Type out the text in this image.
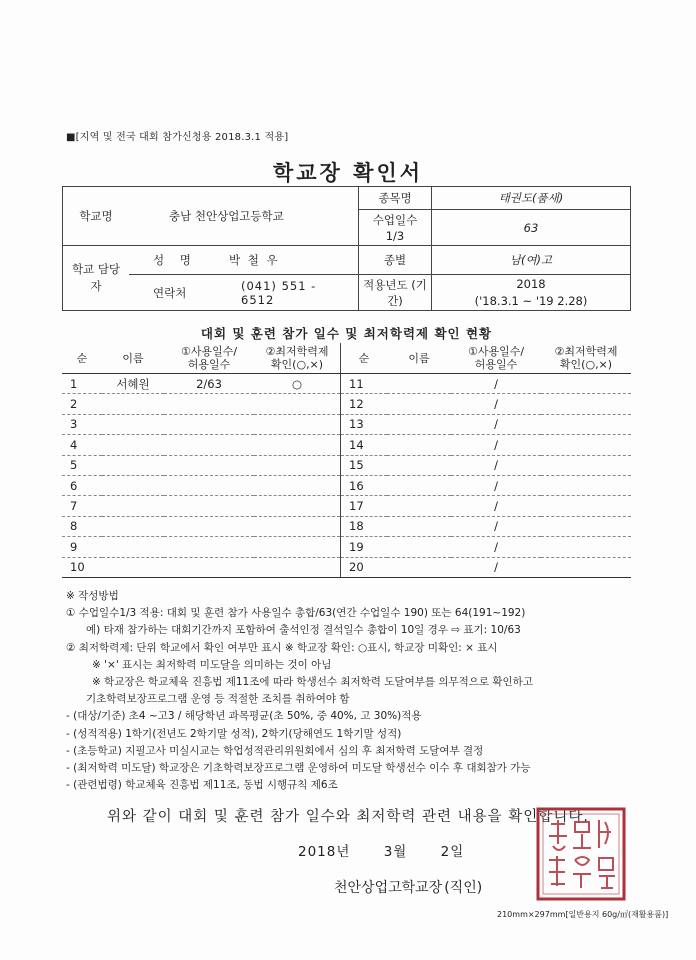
■[지역 및 전국 대회 참가신청용 2018.3.1 적용]
학교장 확인서
학교명	충남 천안상업고등학교		종목명	태권도(품새)
			수업일수 1/3	63
학교 담당자	성 명	박 철 우	종별	남(여)고
	연락처	(041) 551 - 6512	적용년도 (기간)	2018
('18.3.1 ~ '19 2.28)
대회 및 훈련 참가 일수 및 최저학력제 확인 현황
순	이름	①사용일수/
허용일수	②최저학력제
확인(○,×)	순	이름	①사용일수/
허용일수	②최저학력제
확인(○,×)
1	서혜원	2/63	○	11		/	
2				12		/	
3				13		/	
4				14		/	
5				15		/	
6				16		/	
7				17		/	
8				18		/	
9				19		/	
10				20		/	
※ 작성방법
① 수업일수1/3 적용: 대회 및 훈련 참가 사용일수 총합/63(연간 수업일수 190) 또는 64(191~192)
예) 타재 참가하는 대회기간까지 포함하여 출석인정 결석일수 총합이 10일 경우 ⇨ 표기: 10/63
② 최저학력제: 단위 학교에서 확인 여부만 표시 ※ 학교장 확인: ○표시, 학교장 미확인: × 표시
※ '×' 표시는 최저학력 미도달을 의미하는 것이 아님
※ 학교장은 학교체육 진흥법 제11조에 따라 학생선수 최저학력 도달여부를 의무적으로 확인하고
기초학력보장프로그램 운영 등 적절한 조치를 취하여야 함
- (대상/기준) 초4 ~고3 / 해당학년 과목평균(초 50%, 중 40%, 고 30%)적용
- (성적적용) 1학기(전년도 2학기말 성적), 2학기(당해연도 1학기말 성적)
- (초등학교) 지필고사 미실시교는 학업성적관리위원회에서 심의 후 최저학력 도달여부 결정
- (최저학력 미도달) 학교장은 기초학력보장프로그램 운영하여 미도달 학생선수 이수 후 대회참가 가능
- (관련법령) 학교체육 진흥법 제11조, 동법 시행규칙 제6조
위와 같이 대회 및 훈련 참가 일수와 최저학력 관련 내용을 확인합니다.
2018년 3월 2일
천안상업고학교장 (직인)
210mm×297mm[일반용지 60g/㎡(재활용품)]
